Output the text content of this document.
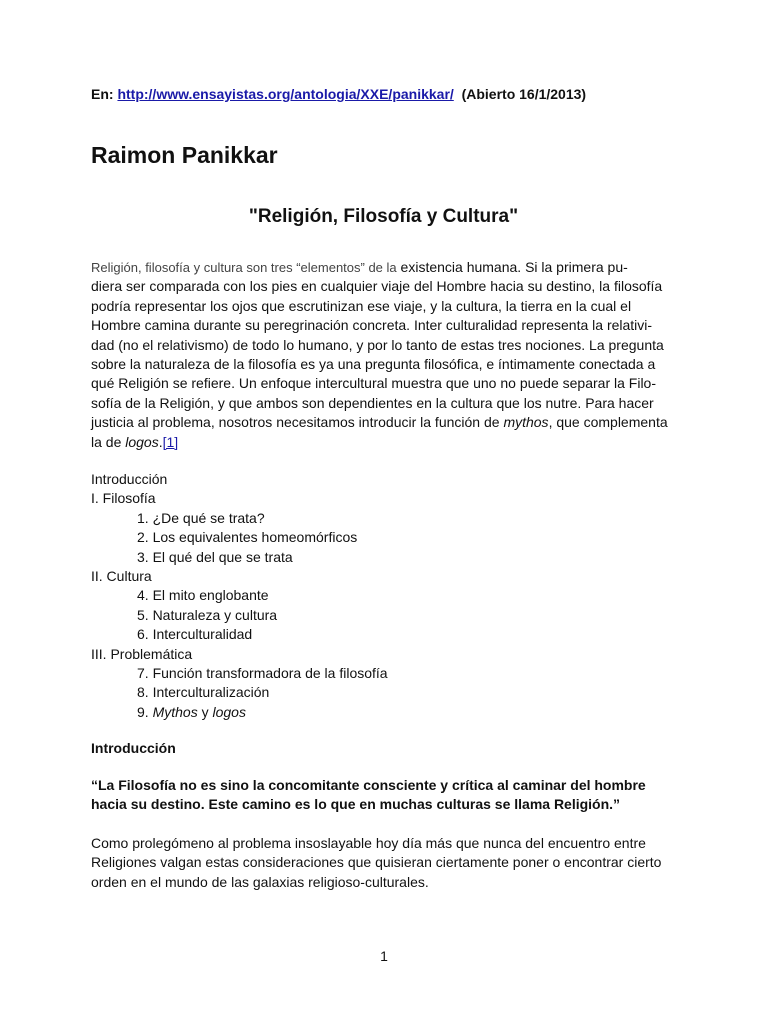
En: http://www.ensayistas.org/antologia/XXE/panikkar/ (Abierto 16/1/2013)
Raimon Panikkar
"Religión, Filosofía y Cultura"
Religión, filosofía y cultura son tres “elementos” de la existencia humana. Si la primera pu-
diera ser comparada con los pies en cualquier viaje del Hombre hacia su destino, la filosofía
podría representar los ojos que escrutinizan ese viaje, y la cultura, la tierra en la cual el
Hombre camina durante su peregrinación concreta. Inter culturalidad representa la relativi-
dad (no el relativismo) de todo lo humano, y por lo tanto de estas tres nociones. La pregunta
sobre la naturaleza de la filosofía es ya una pregunta filosófica, e íntimamente conectada a
qué Religión se refiere. Un enfoque intercultural muestra que uno no puede separar la Filo-
sofía de la Religión, y que ambos son dependientes en la cultura que los nutre. Para hacer
justicia al problema, nosotros necesitamos introducir la función de mythos, que complementa
la de logos.[1]
Introducción
I. Filosofía
1. ¿De qué se trata?
2. Los equivalentes homeomórficos
3. El qué del que se trata
II. Cultura
4. El mito englobante
5. Naturaleza y cultura
6. Interculturalidad
III. Problemática
7. Función transformadora de la filosofía
8. Interculturalización
9. Mythos y logos
Introducción
“La Filosofía no es sino la concomitante consciente y crítica al caminar del hombre
hacia su destino. Este camino es lo que en muchas culturas se llama Religión.”
Como prolegómeno al problema insoslayable hoy día más que nunca del encuentro entre
Religiones valgan estas consideraciones que quisieran ciertamente poner o encontrar cierto
orden en el mundo de las galaxias religioso-culturales.
1
